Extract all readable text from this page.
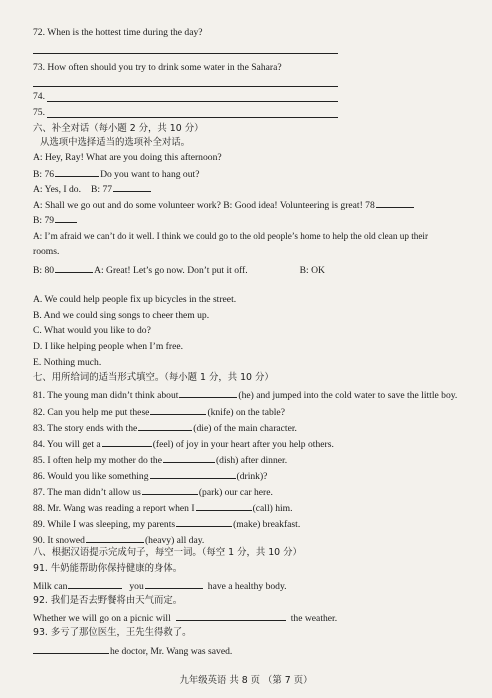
72. When is the hottest time during the day?
73. How often should you try to drink some water in the Sahara?
74.
75.
六、补全对话（每小题 2 分，共 10 分）
从选项中选择适当的选项补全对话。
A: Hey, Ray! What are you doing this afternoon?
B: 76	Do you want to hang out?
A: Yes, I do. B: 77
A: Shall we go out and do some volunteer work? B: Good idea! Volunteering is great! 78
B: 79
A: I’m afraid we can’t do it well. I think we could go to the old people’s home to help the old clean up their
rooms.
B: 80	A: Great! Let’s go now. Don’t put it off.	B: OK
A. We could help people fix up bicycles in the street.
B. And we could sing songs to cheer them up.
C. What would you like to do?
D. I like helping people when I’m free.
E. Nothing much.
七、用所给词的适当形式填空。（每小题 1 分，共 10 分）
81. The young man didn’t think about	(he) and jumped into the cold water to save the little boy.
82. Can you help me put these	(knife) on the table?
83. The story ends with the	(die) of the main character.
84. You will get a	(feel) of joy in your heart after you help others.
85. I often help my mother do the	(dish) after dinner.
86. Would you like something	(drink)?
87. The man didn’t allow us	(park) our car here.
88. Mr. Wang was reading a report when I	(call) him.
89. While I was sleeping, my parents	(make) breakfast.
90. It snowed	(heavy) all day.
八、根据汉语提示完成句子，每空一词。（每空 1 分，共 10 分）
91. 牛奶能帮助你保持健康的身体。
Milk can	you	have a healthy body.
92. 我们是否去野餐将由天气而定。
Whether we will go on a picnic will	the weather.
93. 多亏了那位医生，王先生得救了。
he doctor, Mr. Wang was saved.
九年级英语 共 8 页 （第 7 页）
